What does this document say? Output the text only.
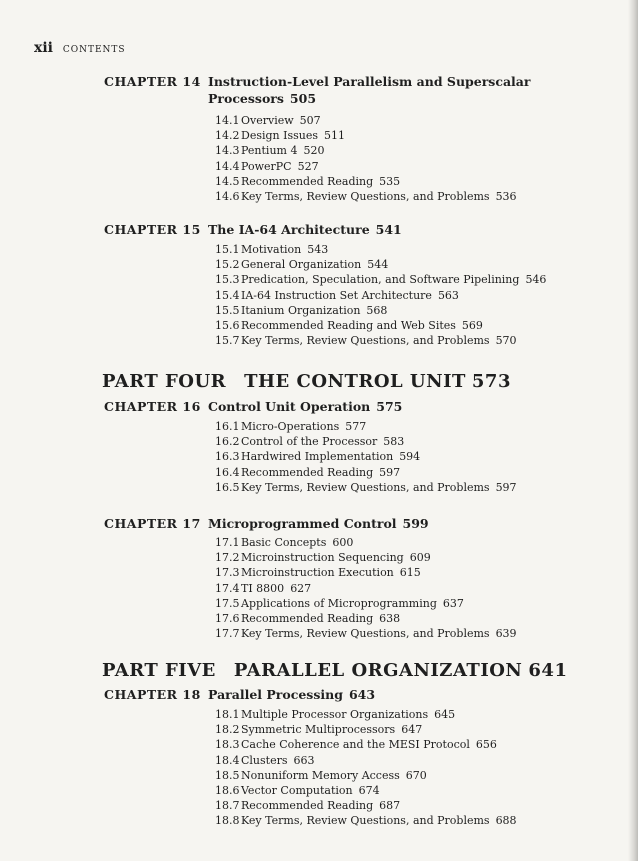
xii CONTENTS
CHAPTER 14 Instruction-Level Parallelism and Superscalar
Processors 505
14.1 Overview 507
14.2 Design Issues 511
14.3 Pentium 4 520
14.4 PowerPC 527
14.5 Recommended Reading 535
14.6 Key Terms, Review Questions, and Problems 536
CHAPTER 15 The IA-64 Architecture 541
15.1 Motivation 543
15.2 General Organization 544
15.3 Predication, Speculation, and Software Pipelining 546
15.4 IA-64 Instruction Set Architecture 563
15.5 Itanium Organization 568
15.6 Recommended Reading and Web Sites 569
15.7 Key Terms, Review Questions, and Problems 570
PART FOUR THE CONTROL UNIT 573
CHAPTER 16 Control Unit Operation 575
16.1 Micro-Operations 577
16.2 Control of the Processor 583
16.3 Hardwired Implementation 594
16.4 Recommended Reading 597
16.5 Key Terms, Review Questions, and Problems 597
CHAPTER 17 Microprogrammed Control 599
17.1 Basic Concepts 600
17.2 Microinstruction Sequencing 609
17.3 Microinstruction Execution 615
17.4 TI 8800 627
17.5 Applications of Microprogramming 637
17.6 Recommended Reading 638
17.7 Key Terms, Review Questions, and Problems 639
PART FIVE PARALLEL ORGANIZATION 641
CHAPTER 18 Parallel Processing 643
18.1 Multiple Processor Organizations 645
18.2 Symmetric Multiprocessors 647
18.3 Cache Coherence and the MESI Protocol 656
18.4 Clusters 663
18.5 Nonuniform Memory Access 670
18.6 Vector Computation 674
18.7 Recommended Reading 687
18.8 Key Terms, Review Questions, and Problems 688
